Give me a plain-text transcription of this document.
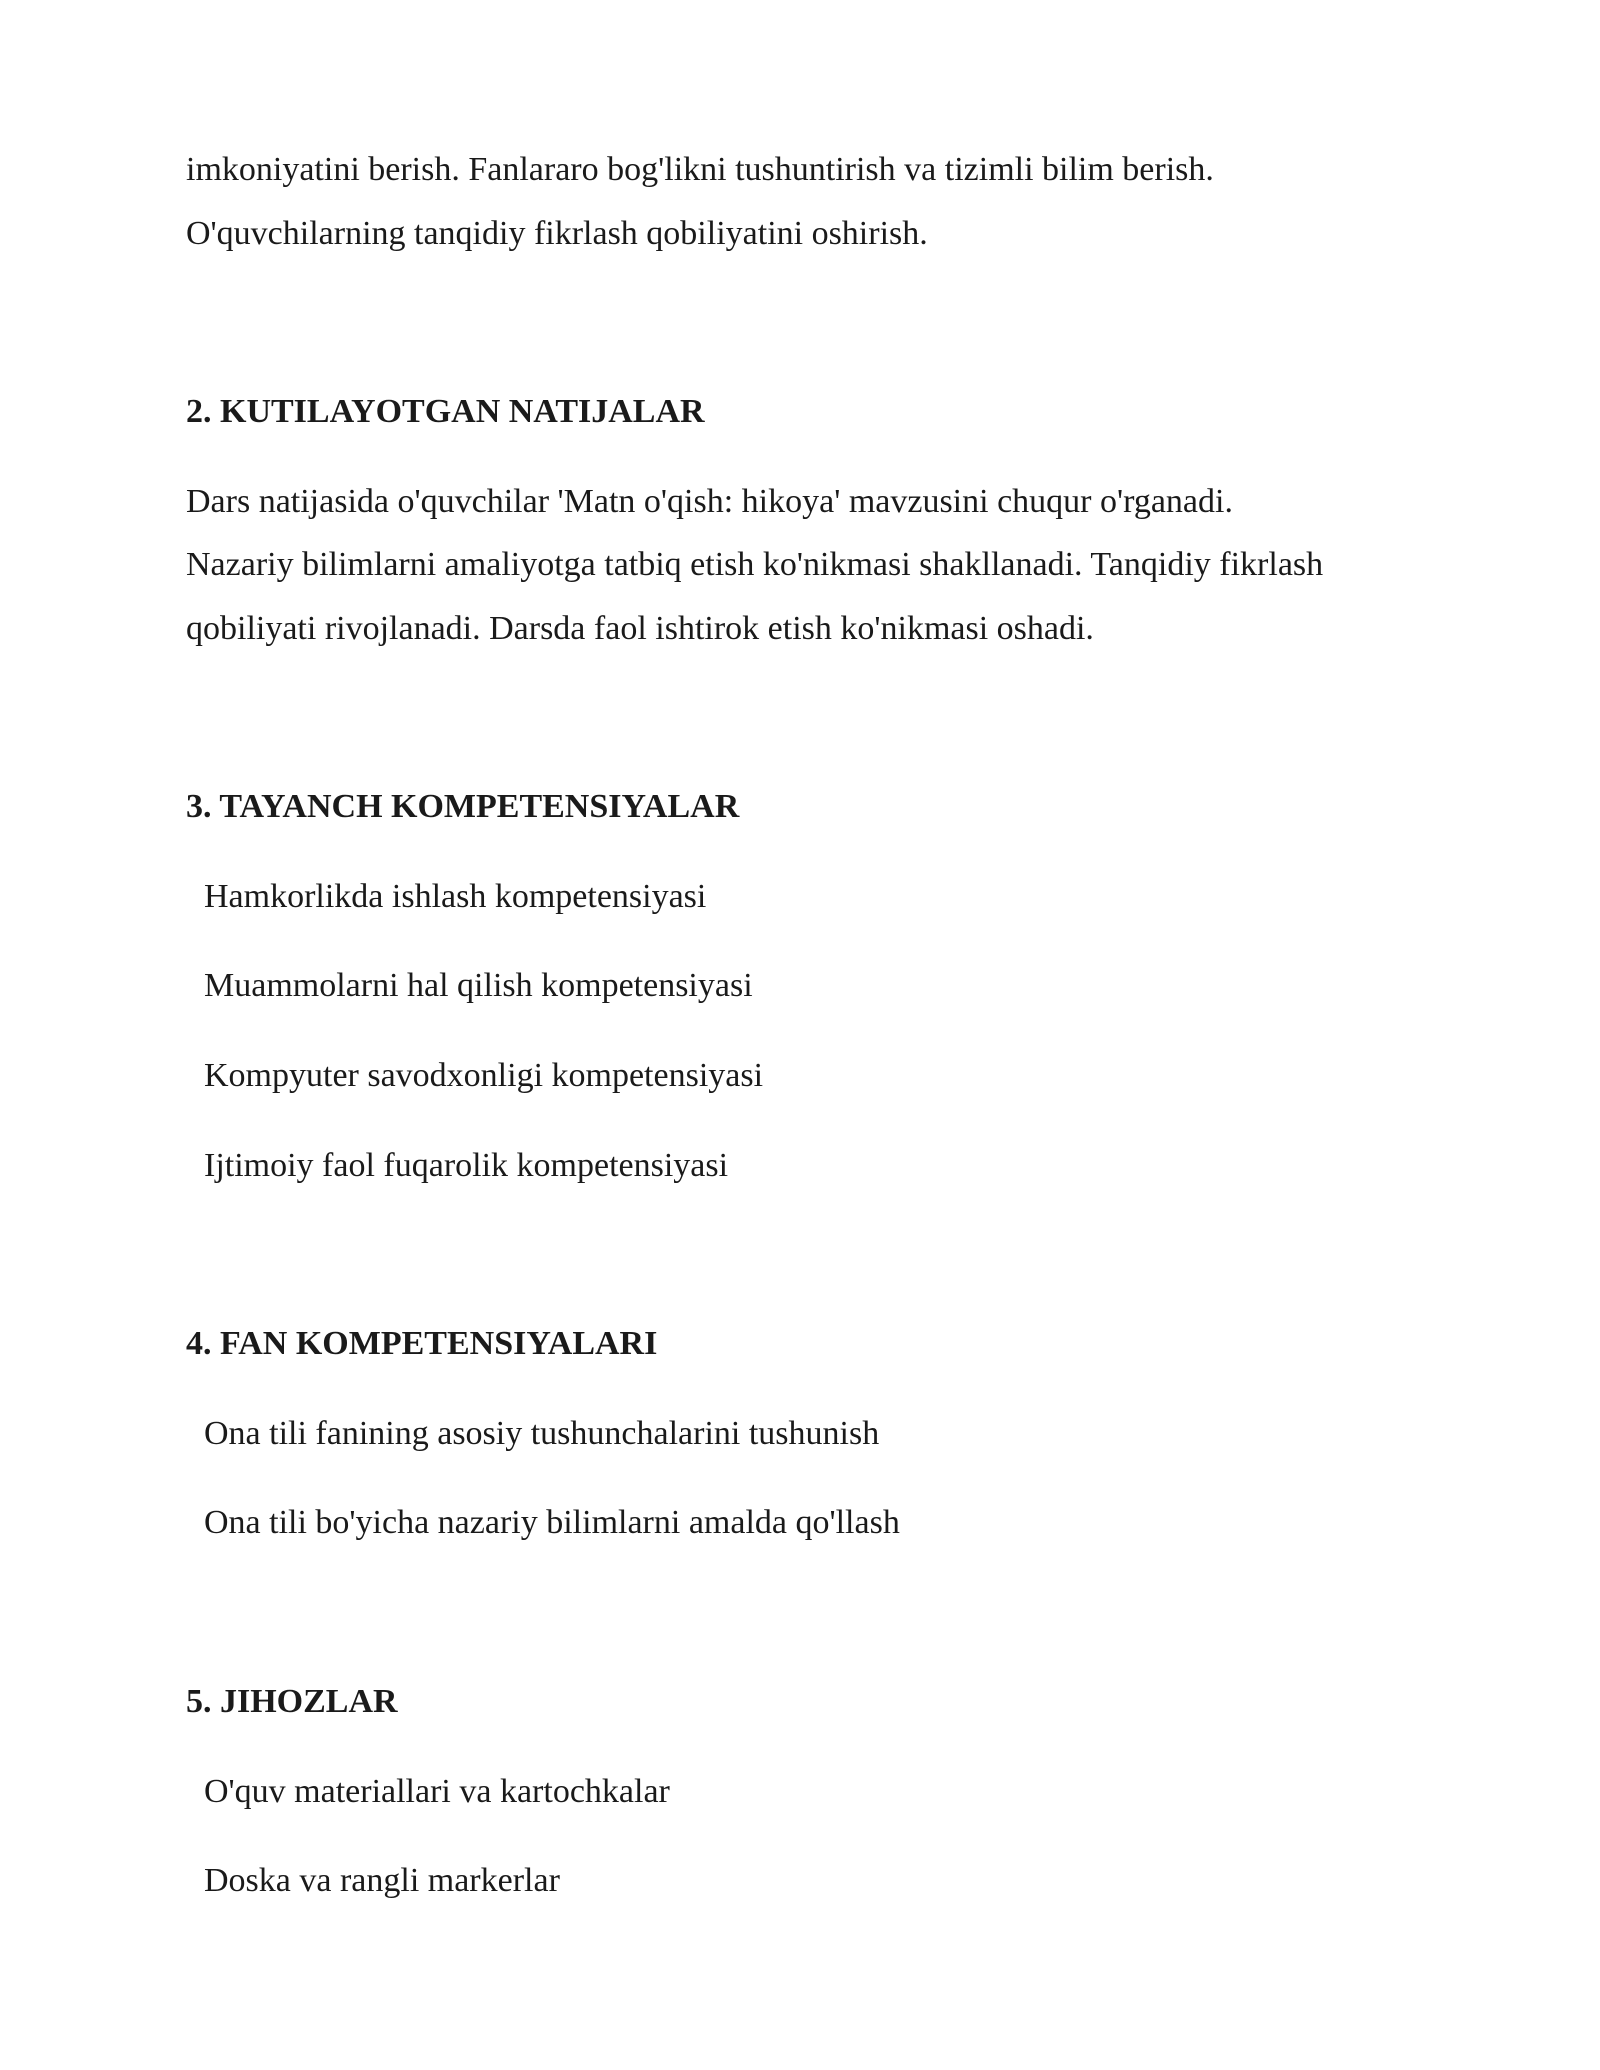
imkoniyatini berish. Fanlararo bog'likni tushuntirish va tizimli bilim berish.
O'quvchilarning tanqidiy fikrlash qobiliyatini oshirish.
2. KUTILAYOTGAN NATIJALAR
Dars natijasida o'quvchilar 'Matn o'qish: hikoya' mavzusini chuqur o'rganadi.
Nazariy bilimlarni amaliyotga tatbiq etish ko'nikmasi shakllanadi. Tanqidiy fikrlash
qobiliyati rivojlanadi. Darsda faol ishtirok etish ko'nikmasi oshadi.
3. TAYANCH KOMPETENSIYALAR
Hamkorlikda ishlash kompetensiyasi
Muammolarni hal qilish kompetensiyasi
Kompyuter savodxonligi kompetensiyasi
Ijtimoiy faol fuqarolik kompetensiyasi
4. FAN KOMPETENSIYALARI
Ona tili fanining asosiy tushunchalarini tushunish
Ona tili bo'yicha nazariy bilimlarni amalda qo'llash
5. JIHOZLAR
O'quv materiallari va kartochkalar
Doska va rangli markerlar
